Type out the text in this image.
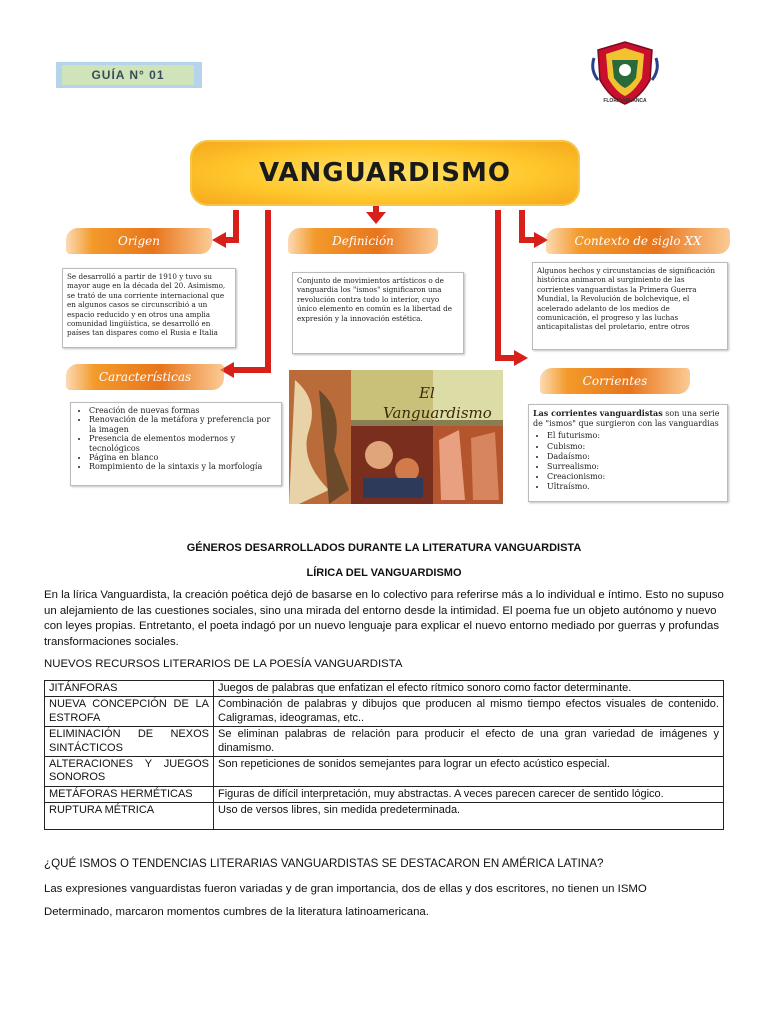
GUÍA N° 01
FLORIDABLANCA
VANGUARDISMO
Origen
Se desarrolló a partir de 1910 y tuvo su mayor auge en la década del 20. Asimismo, se trató de una corriente internacional que en algunos casos se circunscribió a un espacio reducido y en otros una amplia comunidad lingüística, se desarrolló en países tan dispares como el Rusia e Italia
Definición
Conjunto de movimientos artísticos o de vanguardia los "ismos" significaron una revolución contra todo lo interior, cuyo único elemento en común es la libertad de expresión y la innovación estética.
Contexto de siglo XX
Algunos hechos y circunstancias de significación histórica animaron al surgimiento de las corrientes vanguardistas la Primera Guerra Mundial, la Revolución de bolchevique, el acelerado adelanto de los medios de comunicación, el progreso y las luchas anticapitalistas del proletario, entre otros
Características
• Creación de nuevas formas
• Renovación de la metáfora y preferencia por la imagen
• Presencia de elementos modernos y tecnológicos
• Página en blanco
• Rompimiento de la sintaxis y la morfología
El
Vanguardismo
Corrientes
Las corrientes vanguardistas son una serie de "ismos" que surgieron con las vanguardias
• El futurismo:
• Cubismo:
• Dadaísmo:
• Surrealismo:
• Creacionismo:
• Ultraísmo.
GÉNEROS DESARROLLADOS DURANTE LA LITERATURA VANGUARDISTA
LÍRICA DEL VANGUARDISMO
En la lírica Vanguardista, la creación poética dejó de basarse en lo colectivo para referirse más a lo individual e íntimo. Esto no supuso un alejamiento de las cuestiones sociales, sino una mirada del entorno desde la intimidad. El poema fue un objeto autónomo y nuevo con leyes propias. Entretanto, el poeta indagó por un nuevo lenguaje para explicar el nuevo entorno mediado por guerras y profundas transformaciones sociales.
NUEVOS RECURSOS LITERARIOS DE LA POESÍA VANGUARDISTA
JITÁNFORAS	Juegos de palabras que enfatizan el efecto rítmico sonoro como factor determinante.
NUEVA CONCEPCIÓN DE LA ESTROFA	Combinación de palabras y dibujos que producen al mismo tiempo efectos visuales de contenido. Caligramas, ideogramas, etc..
ELIMINACIÓN DE NEXOS SINTÁCTICOS	Se eliminan palabras de relación para producir el efecto de una gran variedad de imágenes y dinamismo.
ALTERACIONES Y JUEGOS SONOROS	Son repeticiones de sonidos semejantes para lograr un efecto acústico especial.
METÁFORAS HERMÉTICAS	Figuras de difícil interpretación, muy abstractas. A veces parecen carecer de sentido lógico.
RUPTURA MÉTRICA	Uso de versos libres, sin medida predeterminada.
¿QUÉ ISMOS O TENDENCIAS LITERARIAS VANGUARDISTAS SE DESTACARON EN AMÉRICA LATINA?
Las expresiones vanguardistas fueron variadas y de gran importancia, dos de ellas y dos escritores, no tienen un ISMO
Determinado, marcaron momentos cumbres de la literatura latinoamericana.
